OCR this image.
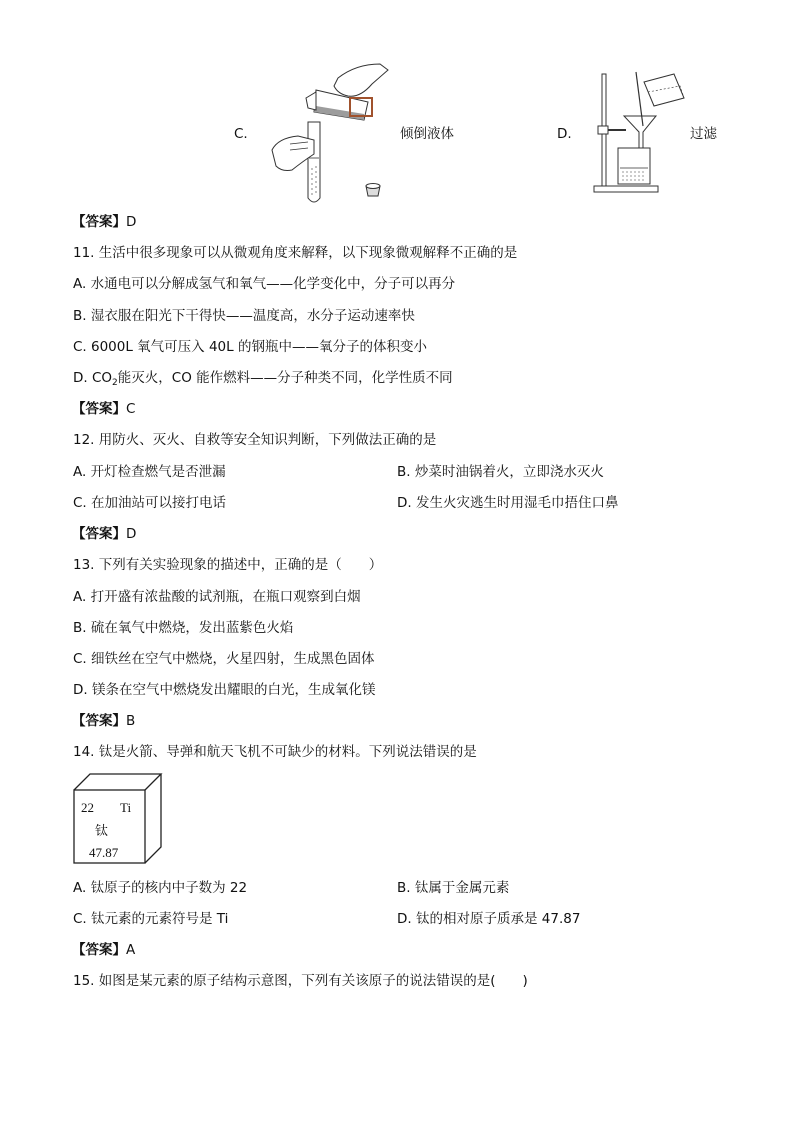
C.	倾倒液体	D.	过滤
【答案】D
11. 生活中很多现象可以从微观角度来解释，以下现象微观解释不正确的是
A. 水通电可以分解成氢气和氧气——化学变化中，分子可以再分
B. 湿衣服在阳光下干得快——温度高，水分子运动速率快
C. 6000L 氧气可压入 40L 的钢瓶中——氧分子的体积变小
D. $CO_2$能灭火，CO 能作燃料——分子种类不同，化学性质不同
【答案】C
12. 用防火、灭火、自救等安全知识判断，下列做法正确的是
A. 开灯检查燃气是否泄漏	B. 炒菜时油锅着火，立即浇水灭火
C. 在加油站可以接打电话	D. 发生火灾逃生时用湿毛巾捂住口鼻
【答案】D
13. 下列有关实验现象的描述中，正确的是（　　）
A. 打开盛有浓盐酸的试剂瓶，在瓶口观察到白烟
B. 硫在氧气中燃烧，发出蓝紫色火焰
C. 细铁丝在空气中燃烧，火星四射，生成黑色固体
D. 镁条在空气中燃烧发出耀眼的白光，生成氧化镁
【答案】B
14. 钛是火箭、导弹和航天飞机不可缺少的材料。下列说法错误的是
22 Ti
钛
47.87
A. 钛原子的核内中子数为 22	B. 钛属于金属元素
C. 钛元素的元素符号是 Ti	D. 钛的相对原子质承是 47.87
【答案】A
15. 如图是某元素的原子结构示意图，下列有关该原子的说法错误的是(　　)
